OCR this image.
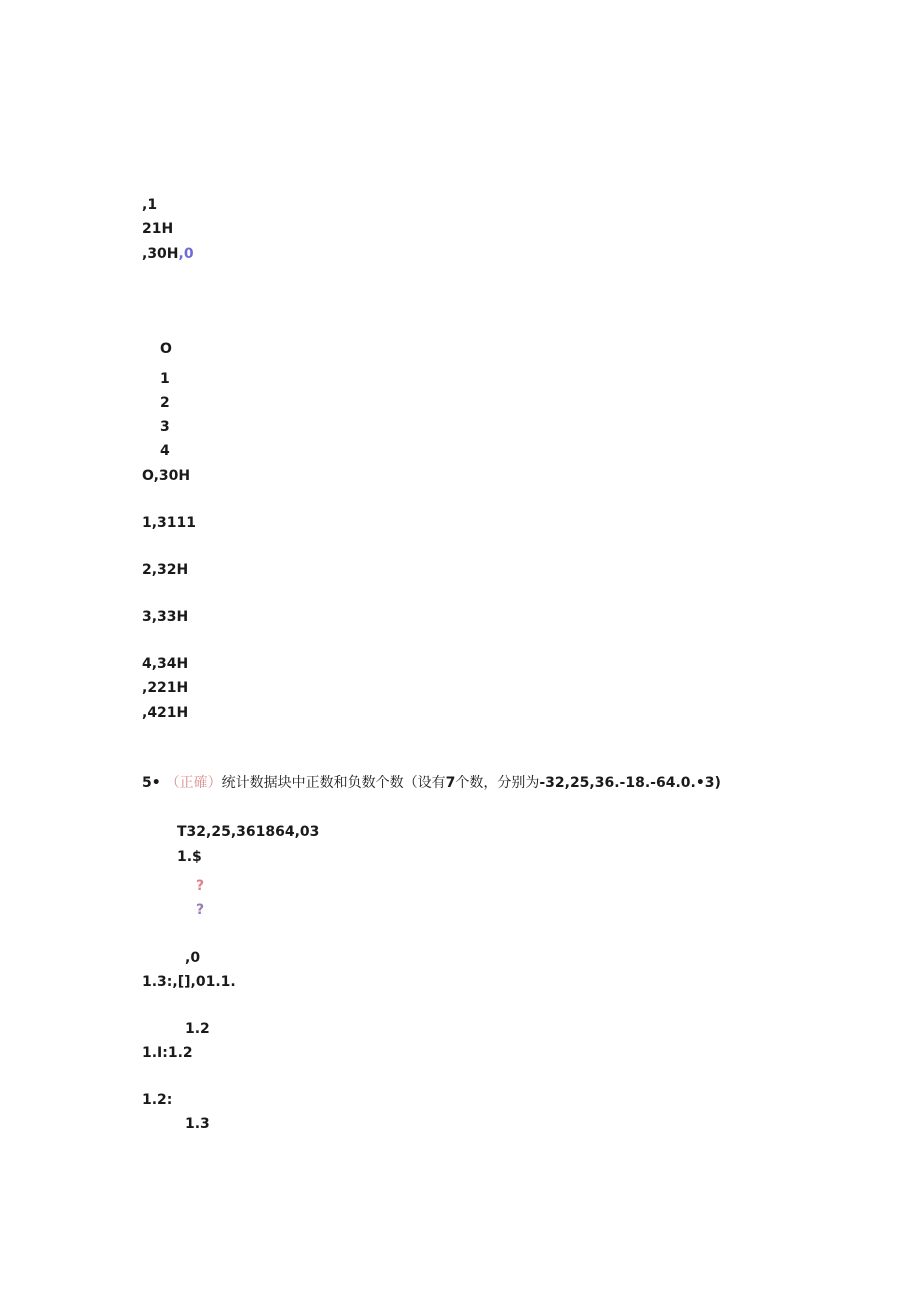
,1
21H
,30H,0
O
1
2
3
4
O,30H
1,3111
2,32H
3,33H
4,34H
,221H
,421H
5• （正確）统计数据块中正数和负数个数（设有7个数，分别为-32,25,36.-18.-64.0.•3)
T32,25,361864,03
1.$
?
?
,0
1.3:,[],01.1.
1.2
1.I:1.2
1.2:
1.3
